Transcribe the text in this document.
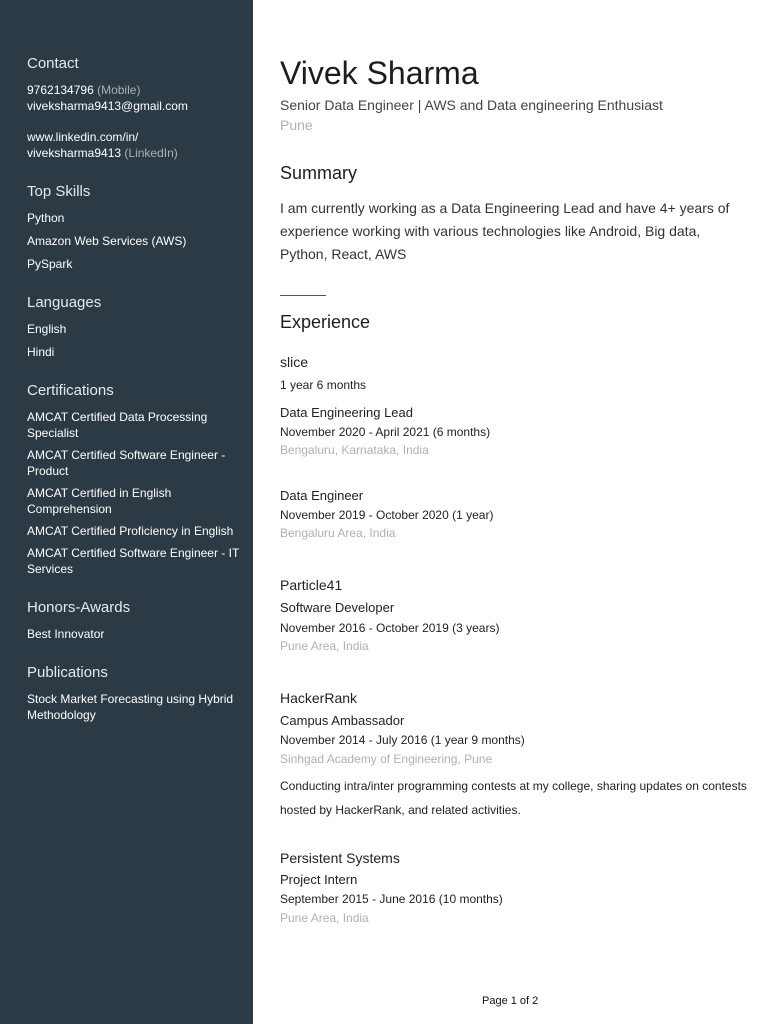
Contact
9762134796 (Mobile)
viveksharma9413@gmail.com
www.linkedin.com/in/
viveksharma9413 (LinkedIn)
Top Skills
Python
Amazon Web Services (AWS)
PySpark
Languages
English
Hindi
Certifications
AMCAT Certified Data Processing Specialist
AMCAT Certified Software Engineer - Product
AMCAT Certified in English Comprehension
AMCAT Certified Proficiency in English
AMCAT Certified Software Engineer - IT Services
Honors-Awards
Best Innovator
Publications
Stock Market Forecasting using Hybrid Methodology
Vivek Sharma
Senior Data Engineer | AWS and Data engineering Enthusiast
Pune
Summary
I am currently working as a Data Engineering Lead and have 4+ years of experience working with various technologies like Android, Big data, Python, React, AWS
Experience
slice
1 year 6 months
Data Engineering Lead
November 2020 - April 2021 (6 months)
Bengaluru, Karnataka, India
Data Engineer
November 2019 - October 2020 (1 year)
Bengaluru Area, India
Particle41
Software Developer
November 2016 - October 2019 (3 years)
Pune Area, India
HackerRank
Campus Ambassador
November 2014 - July 2016 (1 year 9 months)
Sinhgad Academy of Engineering, Pune
Conducting intra/inter programming contests at my college, sharing updates on contests hosted by HackerRank, and related activities.
Persistent Systems
Project Intern
September 2015 - June 2016 (10 months)
Pune Area, India
Page 1 of 2
